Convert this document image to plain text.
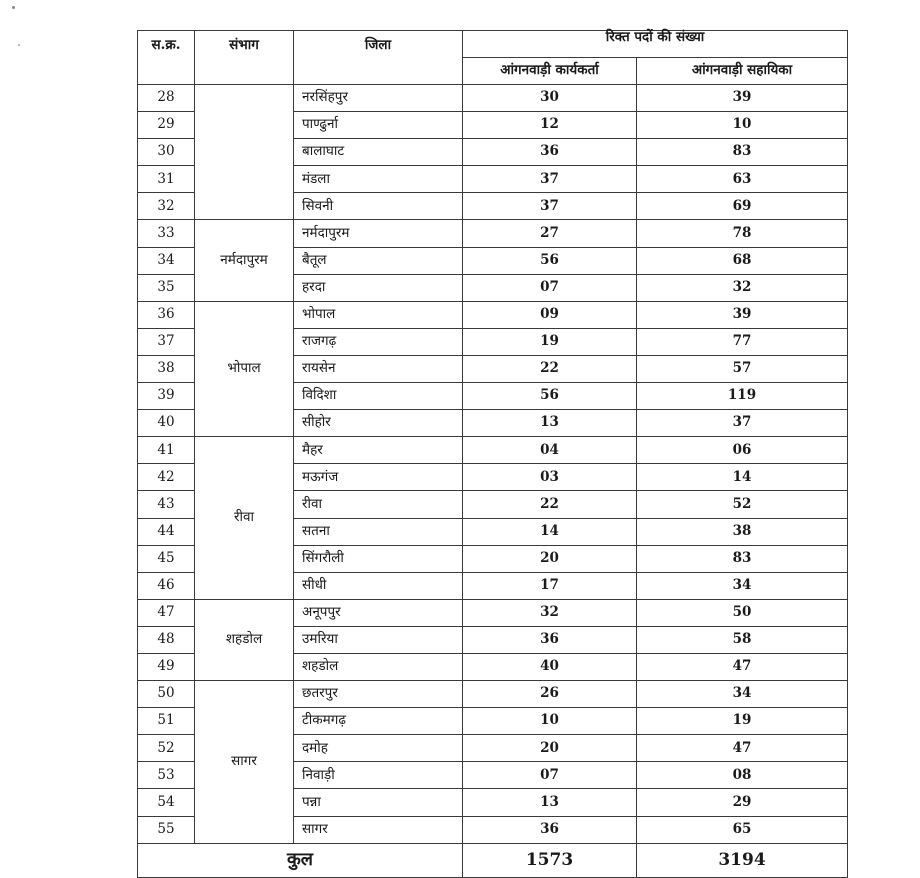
स.क्र.	संभाग	जिला	रिक्त पदों की संख्या	
			आंगनवाड़ी कार्यकर्ता	आंगनवाड़ी सहायिका
28		नरसिंहपुर	30	39
29		पाण्ढुर्ना	12	10
30		बालाघाट	36	83
31		मंडला	37	63
32		सिवनी	37	69
33	नर्मदापुरम	नर्मदापुरम	27	78
34		बैतूल	56	68
35		हरदा	07	32
36	भोपाल	भोपाल	09	39
37		राजगढ़	19	77
38		रायसेन	22	57
39		विदिशा	56	119
40		सीहोर	13	37
41	रीवा	मैहर	04	06
42		मऊगंज	03	14
43		रीवा	22	52
44		सतना	14	38
45		सिंगरौली	20	83
46		सीधी	17	34
47	शहडोल	अनूपपुर	32	50
48		उमरिया	36	58
49		शहडोल	40	47
50	सागर	छतरपुर	26	34
51		टीकमगढ़	10	19
52		दमोह	20	47
53		निवाड़ी	07	08
54		पन्ना	13	29
55		सागर	36	65
कुल			1573	3194
